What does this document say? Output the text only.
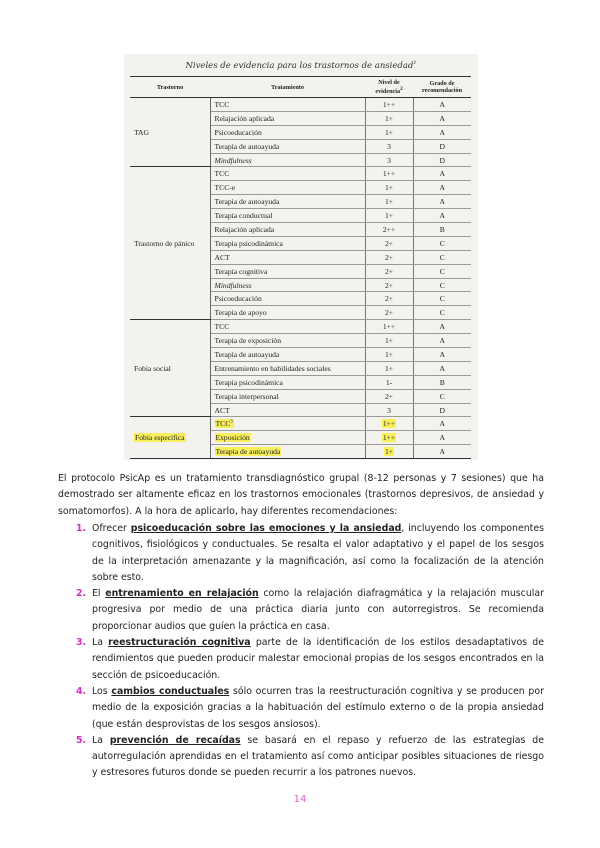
Niveles de evidencia para los trastornos de ansiedad$^1$
Trastorno	Tratamiento	Nivel de evidencia$^2$	Grado de recomendación
TAG	TCC	1++	A
	Relajación aplicada	1+	A
	Psicoeducación	1+	A
	Terapia de autoayuda	3	D
	Mindfulness	3	D
Trastorno de pánico	TCC	1++	A
	TCC-e	1+	A
	Terapia de autoayuda	1+	A
	Terapia conductual	1+	A
	Relajación aplicada	2++	B
	Terapia psicodinámica	2+	C
	ACT	2+	C
	Terapia cognitiva	2+	C
	Mindfulness	2+	C
	Psicoeducación	2+	C
	Terapia de apoyo	2+	C
Fobia social	TCC	1++	A
	Terapia de exposición	1+	A
	Terapia de autoayuda	1+	A
	Entrenamiento en habilidades sociales	1+	A
	Terapia psicodinámica	1-	B
	Terapia interpersonal	2+	C
	ACT	3	D
Fobia específica	TCC$^3$	1++	A
	Exposición	1++	A
	Terapia de autoayuda	1+	A

El protocolo PsicAp es un tratamiento transdiagnóstico grupal (8-12 personas y 7 sesiones) que ha demostrado ser altamente eficaz en los trastornos emocionales (trastornos depresivos, de ansiedad y somatomorfos). A la hora de aplicarlo, hay diferentes recomendaciones:

1. Ofrecer psicoeducación sobre las emociones y la ansiedad, incluyendo los componentes cognitivos, fisiológicos y conductuales. Se resalta el valor adaptativo y el papel de los sesgos de la interpretación amenazante y la magnificación, así como la focalización de la atención sobre esto.
2. El entrenamiento en relajación como la relajación diafragmática y la relajación muscular progresiva por medio de una práctica diaria junto con autorregistros. Se recomienda proporcionar audios que guíen la práctica en casa.
3. La reestructuración cognitiva parte de la identificación de los estilos desadaptativos de rendimientos que pueden producir malestar emocional propias de los sesgos encontrados en la sección de psicoeducación.
4. Los cambios conductuales sólo ocurren tras la reestructuración cognitiva y se producen por medio de la exposición gracias a la habituación del estímulo externo o de la propia ansiedad (que están desprovistas de los sesgos ansiosos).
5. La prevención de recaídas se basará en el repaso y refuerzo de las estrategias de autorregulación aprendidas en el tratamiento así como anticipar posibles situaciones de riesgo y estresores futuros donde se pueden recurrir a los patrones nuevos.
14
